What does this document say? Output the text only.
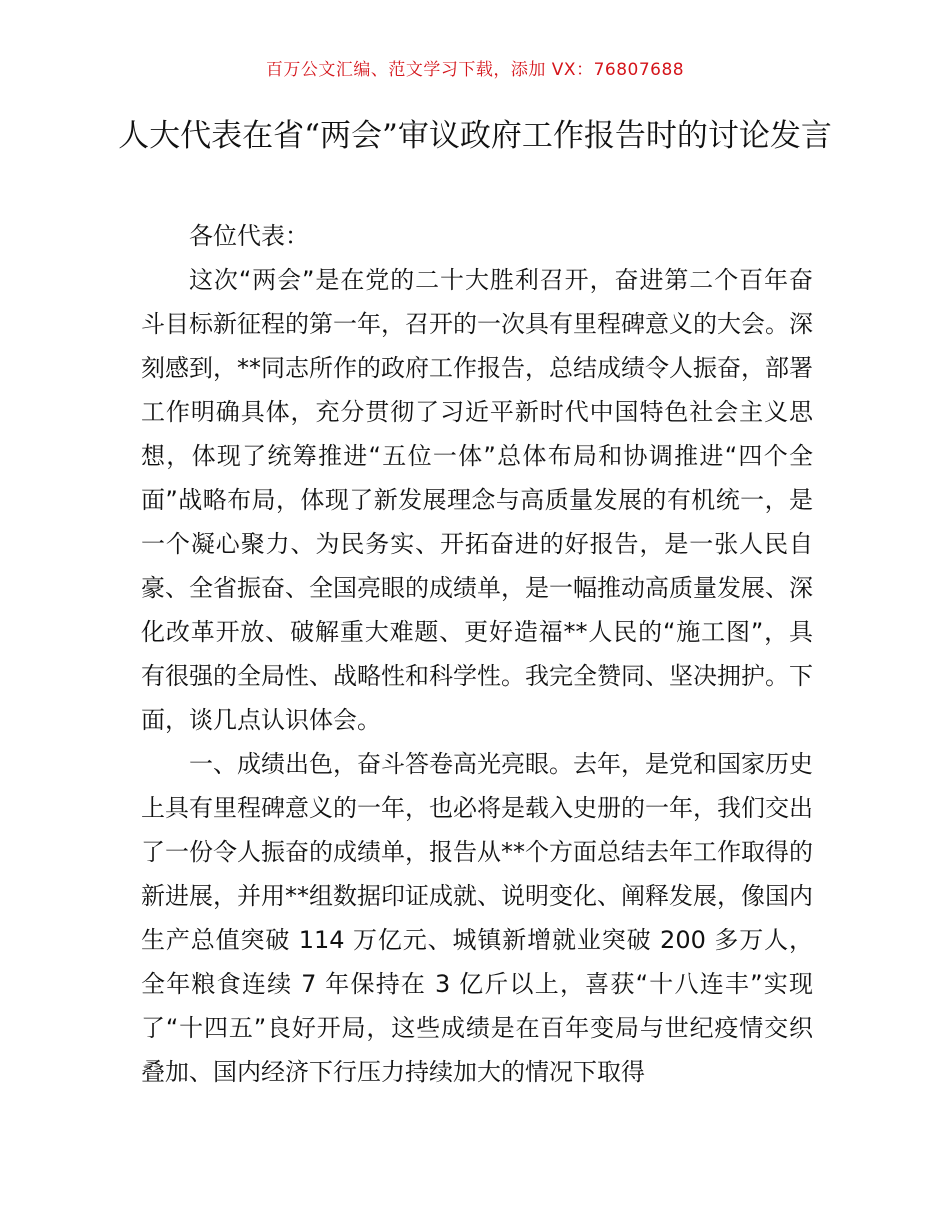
百万公文汇编、范文学习下载，添加 VX：76807688
人大代表在省“两会”审议政府工作报告时的讨论发言

各位代表：

这次“两会”是在党的二十大胜利召开，奋进第二个百年奋斗目标新征程的第一年，召开的一次具有里程碑意义的大会。深刻感到，**同志所作的政府工作报告，总结成绩令人振奋，部署工作明确具体，充分贯彻了习近平新时代中国特色社会主义思想，体现了统筹推进“五位一体”总体布局和协调推进“四个全面”战略布局，体现了新发展理念与高质量发展的有机统一，是一个凝心聚力、为民务实、开拓奋进的好报告，是一张人民自豪、全省振奋、全国亮眼的成绩单，是一幅推动高质量发展、深化改革开放、破解重大难题、更好造福**人民的“施工图”，具有很强的全局性、战略性和科学性。我完全赞同、坚决拥护。下面，谈几点认识体会。

一、成绩出色，奋斗答卷高光亮眼。去年，是党和国家历史上具有里程碑意义的一年，也必将是载入史册的一年，我们交出了一份令人振奋的成绩单，报告从**个方面总结去年工作取得的新进展，并用**组数据印证成就、说明变化、阐释发展，像国内生产总值突破 114 万亿元、城镇新增就业突破 200 多万人，全年粮食连续 7 年保持在 3 亿斤以上，喜获“十八连丰”实现了“十四五”良好开局，这些成绩是在百年变局与世纪疫情交织叠加、国内经济下行压力持续加大的情况下取得
